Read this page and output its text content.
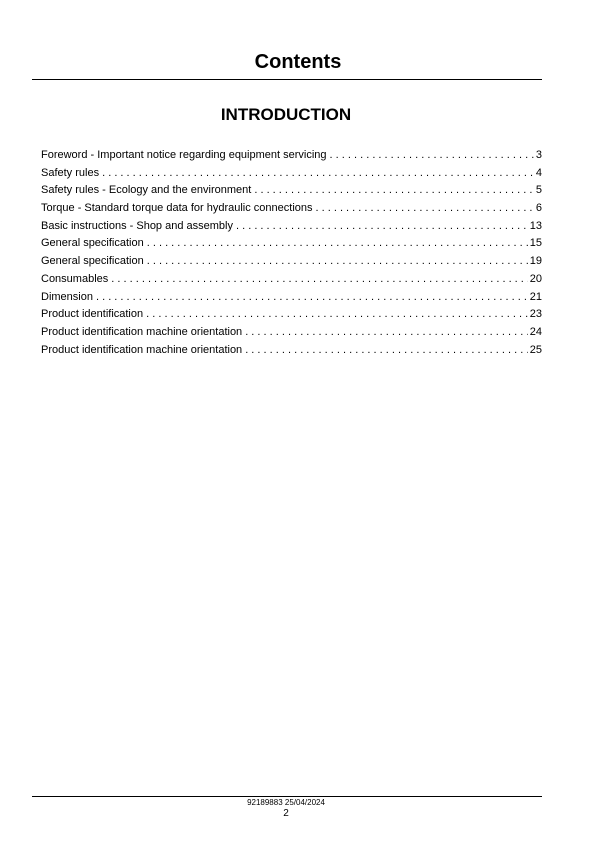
Contents
INTRODUCTION
Foreword - Important notice regarding equipment servicing . . .	3
Safety rules . . .	4
Safety rules - Ecology and the environment . . .	5
Torque - Standard torque data for hydraulic connections . . .	6
Basic instructions - Shop and assembly . . .	13
General specification . . .	15
General specification . . .	19
Consumables . . .	20
Dimension . . .	21
Product identification . . .	23
Product identification machine orientation . . .	24
Product identification machine orientation . . .	25
92189883 25/04/2024
2
